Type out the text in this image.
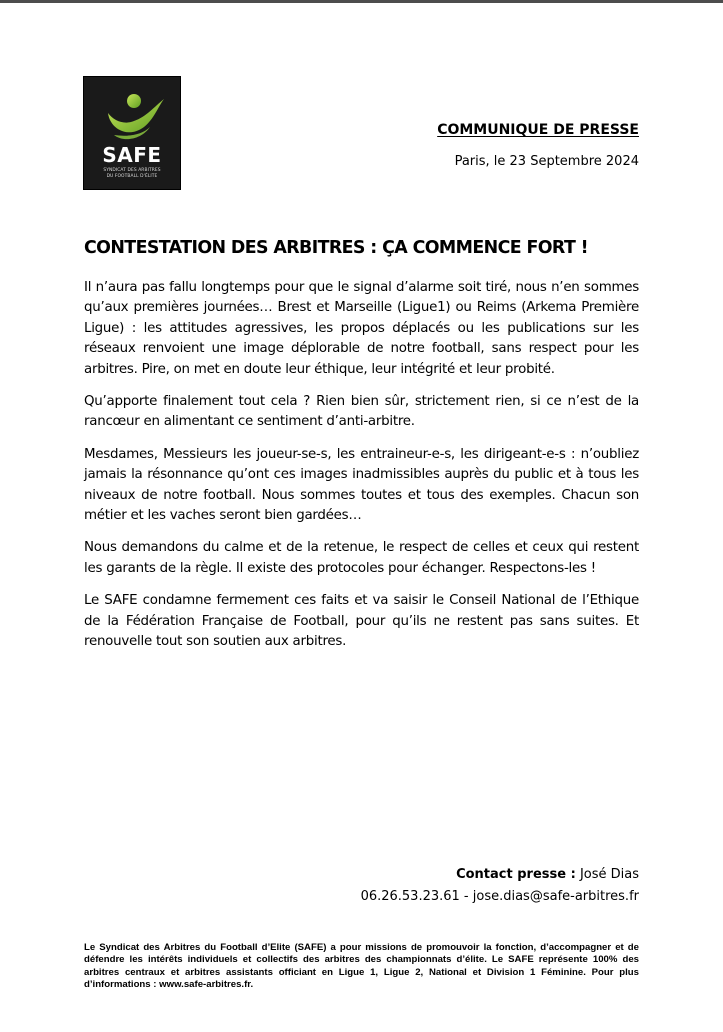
SAFE
SYNDICAT DES ARBITRES
DU FOOTBALL D'ÉLITE
COMMUNIQUE DE PRESSE
Paris, le 23 Septembre 2024
CONTESTATION DES ARBITRES : ÇA COMMENCE FORT !

Il n’aura pas fallu longtemps pour que le signal d’alarme soit tiré, nous n’en sommes qu’aux premières journées… Brest et Marseille (Ligue1) ou Reims (Arkema Première Ligue) : les attitudes agressives, les propos déplacés ou les publications sur les réseaux renvoient une image déplorable de notre football, sans respect pour les arbitres. Pire, on met en doute leur éthique, leur intégrité et leur probité.

Qu’apporte finalement tout cela ? Rien bien sûr, strictement rien, si ce n’est de la rancœur en alimentant ce sentiment d’anti-arbitre.

Mesdames, Messieurs les joueur-se-s, les entraineur-e-s, les dirigeant-e-s : n’oubliez jamais la résonnance qu’ont ces images inadmissibles auprès du public et à tous les niveaux de notre football. Nous sommes toutes et tous des exemples. Chacun son métier et les vaches seront bien gardées…

Nous demandons du calme et de la retenue, le respect de celles et ceux qui restent les garants de la règle. Il existe des protocoles pour échanger. Respectons-les !

Le SAFE condamne fermement ces faits et va saisir le Conseil National de l’Ethique de la Fédération Française de Football, pour qu’ils ne restent pas sans suites. Et renouvelle tout son soutien aux arbitres.

Contact presse : José Dias
06.26.53.23.61 - jose.dias@safe-arbitres.fr
Le Syndicat des Arbitres du Football d’Elite (SAFE) a pour missions de promouvoir la fonction, d’accompagner et de défendre les intérêts individuels et collectifs des arbitres des championnats d’élite. Le SAFE représente 100% des arbitres centraux et arbitres assistants officiant en Ligue 1, Ligue 2, National et Division 1 Féminine. Pour plus d’informations : www.safe-arbitres.fr.
